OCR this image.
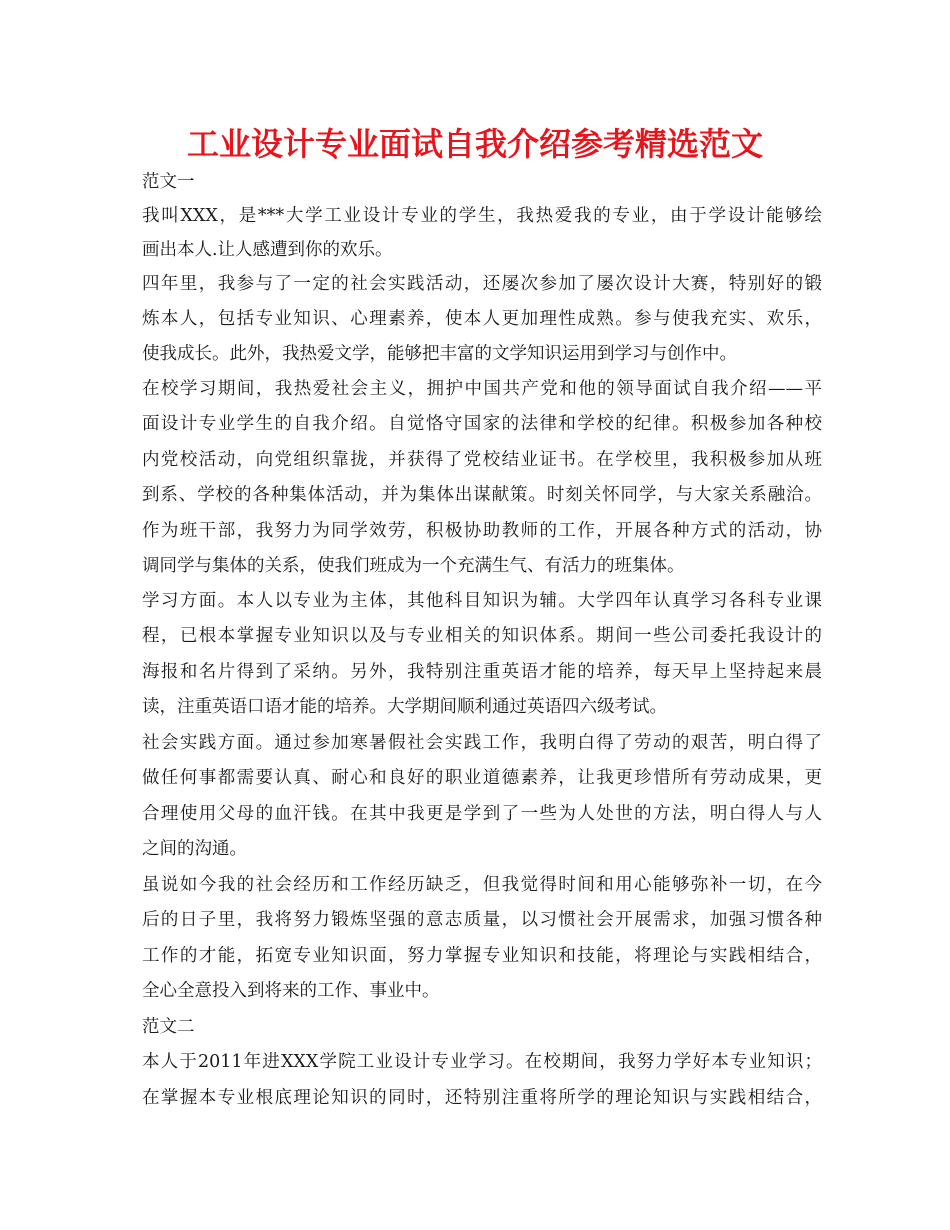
工业设计专业面试自我介绍参考精选范文
范文一
我叫XXX，是***大学工业设计专业的学生，我热爱我的专业，由于学设计能够绘
画出本人.让人感遭到你的欢乐。
四年里，我参与了一定的社会实践活动，还屡次参加了屡次设计大赛，特别好的锻
炼本人，包括专业知识、心理素养，使本人更加理性成熟。参与使我充实、欢乐，
使我成长。此外，我热爱文学，能够把丰富的文学知识运用到学习与创作中。
在校学习期间，我热爱社会主义，拥护中国共产党和他的领导面试自我介绍——平
面设计专业学生的自我介绍。自觉恪守国家的法律和学校的纪律。积极参加各种校
内党校活动，向党组织靠拢，并获得了党校结业证书。在学校里，我积极参加从班
到系、学校的各种集体活动，并为集体出谋献策。时刻关怀同学，与大家关系融洽。
作为班干部，我努力为同学效劳，积极协助教师的工作，开展各种方式的活动，协
调同学与集体的关系，使我们班成为一个充满生气、有活力的班集体。
学习方面。本人以专业为主体，其他科目知识为辅。大学四年认真学习各科专业课
程，已根本掌握专业知识以及与专业相关的知识体系。期间一些公司委托我设计的
海报和名片得到了采纳。另外，我特别注重英语才能的培养，每天早上坚持起来晨
读，注重英语口语才能的培养。大学期间顺利通过英语四六级考试。
社会实践方面。通过参加寒暑假社会实践工作，我明白得了劳动的艰苦，明白得了
做任何事都需要认真、耐心和良好的职业道德素养，让我更珍惜所有劳动成果，更
合理使用父母的血汗钱。在其中我更是学到了一些为人处世的方法，明白得人与人
之间的沟通。
虽说如今我的社会经历和工作经历缺乏，但我觉得时间和用心能够弥补一切，在今
后的日子里，我将努力锻炼坚强的意志质量，以习惯社会开展需求，加强习惯各种
工作的才能，拓宽专业知识面，努力掌握专业知识和技能，将理论与实践相结合，
全心全意投入到将来的工作、事业中。
范文二
本人于2011年进XXX学院工业设计专业学习。在校期间，我努力学好本专业知识；
在掌握本专业根底理论知识的同时，还特别注重将所学的理论知识与实践相结合，
